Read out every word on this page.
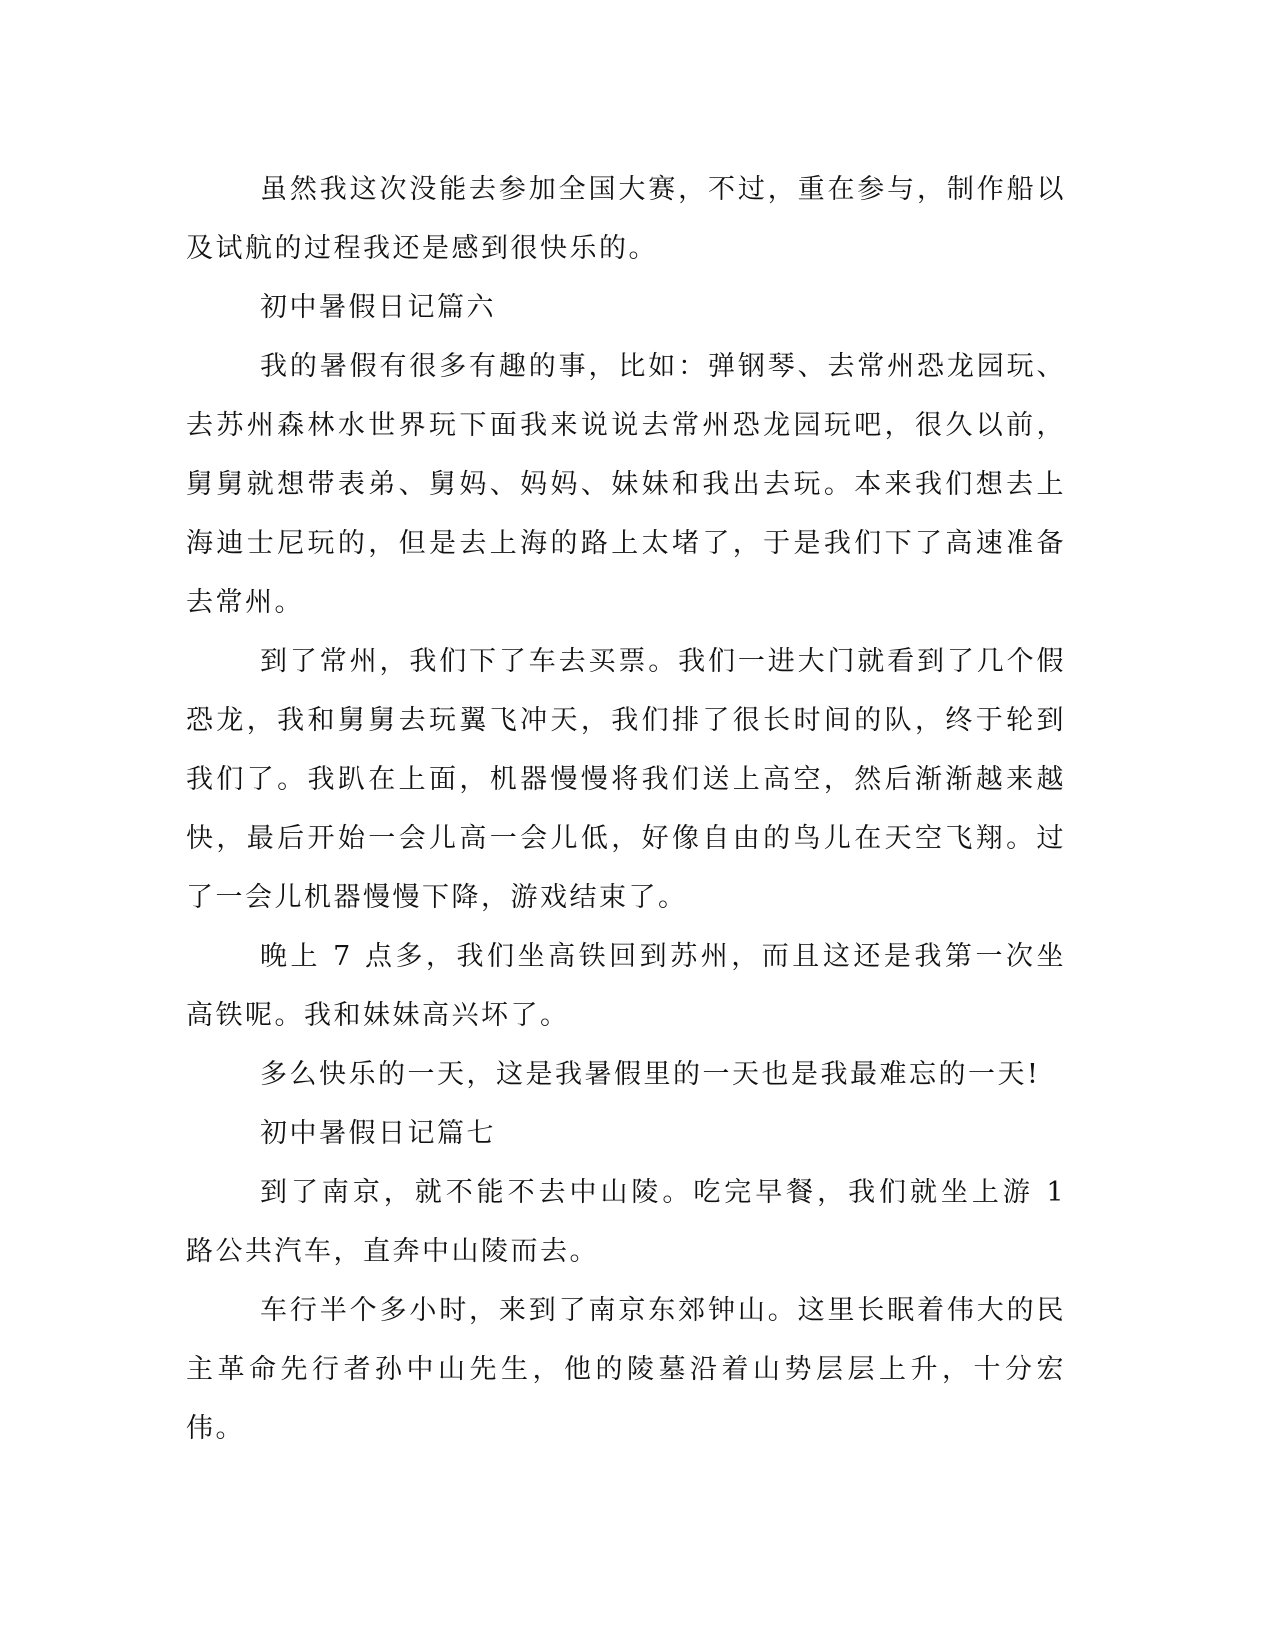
虽然我这次没能去参加全国大赛，不过，重在参与，制作船以及试航的过程我还是感到很快乐的。

初中暑假日记篇六

我的暑假有很多有趣的事，比如：弹钢琴、去常州恐龙园玩、去苏州森林水世界玩下面我来说说去常州恐龙园玩吧，很久以前，舅舅就想带表弟、舅妈、妈妈、妹妹和我出去玩。本来我们想去上海迪士尼玩的，但是去上海的路上太堵了，于是我们下了高速准备去常州。

到了常州，我们下了车去买票。我们一进大门就看到了几个假恐龙，我和舅舅去玩翼飞冲天，我们排了很长时间的队，终于轮到我们了。我趴在上面，机器慢慢将我们送上高空，然后渐渐越来越快，最后开始一会儿高一会儿低，好像自由的鸟儿在天空飞翔。过了一会儿机器慢慢下降，游戏结束了。

晚上 7 点多，我们坐高铁回到苏州，而且这还是我第一次坐高铁呢。我和妹妹高兴坏了。

多么快乐的一天，这是我暑假里的一天也是我最难忘的一天!

初中暑假日记篇七

到了南京，就不能不去中山陵。吃完早餐，我们就坐上游 1 路公共汽车，直奔中山陵而去。

车行半个多小时，来到了南京东郊钟山。这里长眠着伟大的民主革命先行者孙中山先生，他的陵墓沿着山势层层上升，十分宏伟。
